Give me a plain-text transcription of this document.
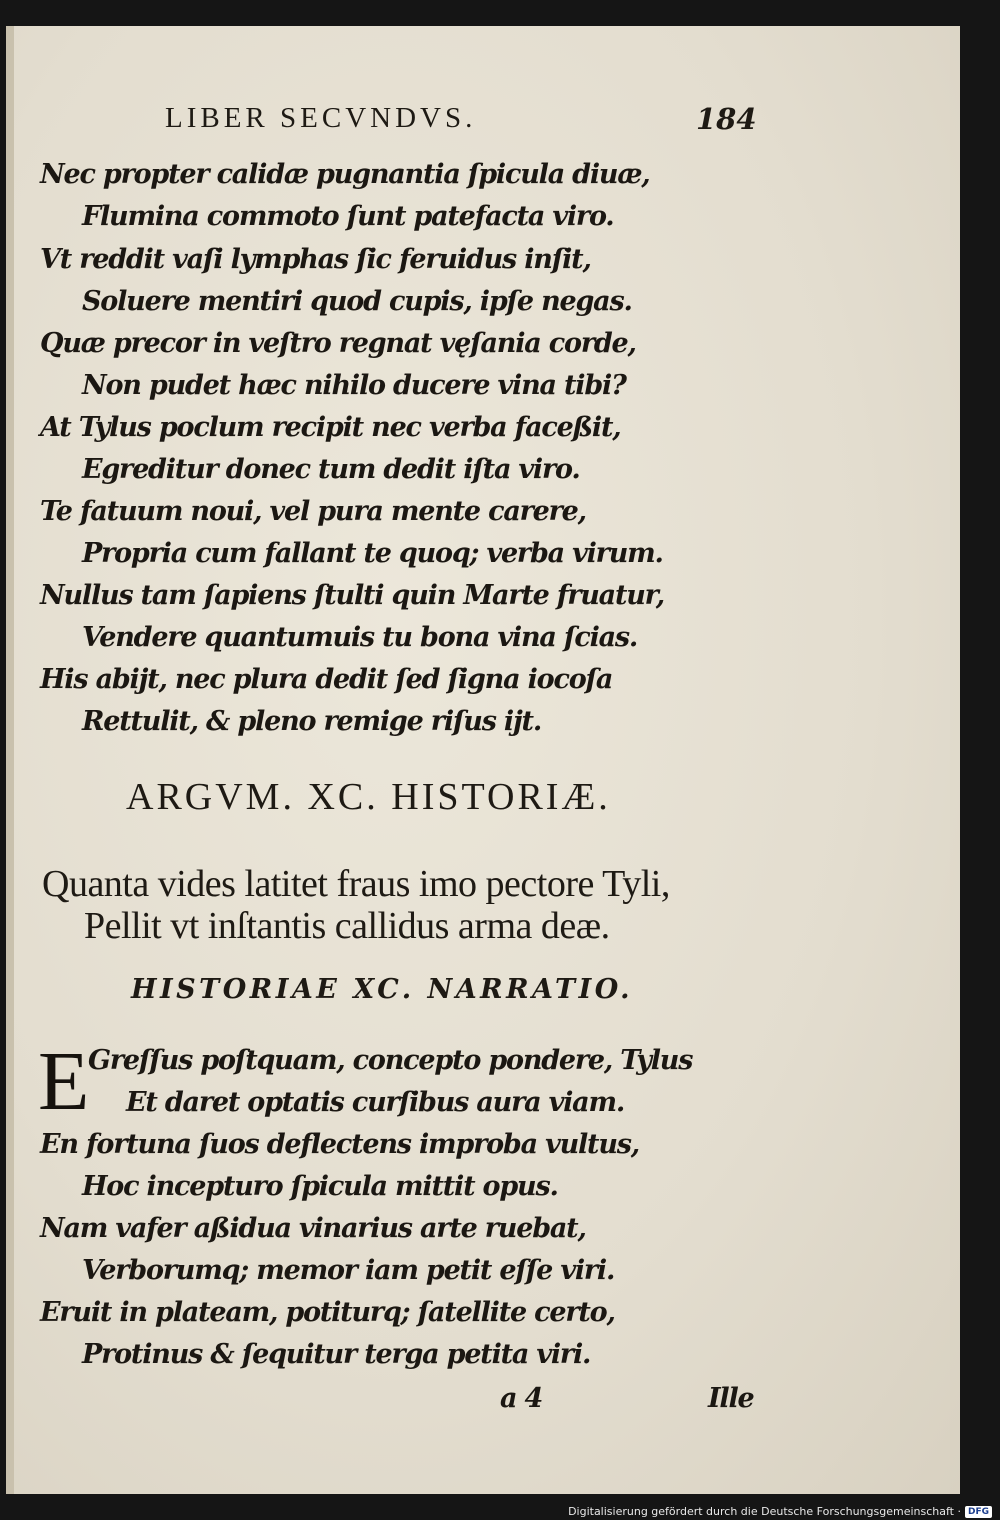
LIBER SECVNDVS.	184
Nec propter calidæ pugnantia ſpicula diuæ,
Flumina commoto ſunt patefacta viro.
Vt reddit vaſi lymphas ſic feruidus inſit,
Soluere mentiri quod cupis, ipſe negas.
Quæ precor in veſtro regnat vęſania corde,
Non pudet hæc nihilo ducere vina tibi?
At Tylus poclum recipit nec verba faceßit,
Egreditur donec tum dedit iſta viro.
Te fatuum noui, vel pura mente carere,
Propria cum fallant te quoq; verba virum.
Nullus tam ſapiens ſtulti quin Marte fruatur,
Vendere quantumuis tu bona vina ſcias.
His abijt, nec plura dedit ſed ſigna iocoſa
Rettulit, & pleno remige riſus ijt.
ARGVM. XC. HISTORIÆ.
Quanta vides latitet fraus imo pectore Tyli,
Pellit vt inſtantis callidus arma deæ.
HISTORIAE XC. NARRATIO.
E
Greſſus poſtquam, concepto pondere, Tylus
Et daret optatis curſibus aura viam.
En fortuna ſuos deflectens improba vultus,
Hoc incepturo ſpicula mittit opus.
Nam vafer aßidua vinarius arte ruebat,
Verborumq; memor iam petit eſſe viri.
Eruit in plateam, potiturq; ſatellite certo,
Protinus & ſequitur terga petita viri.
a 4	Ille
Digitalisierung gefördert durch die Deutsche Forschungsgemeinschaft · DFG
